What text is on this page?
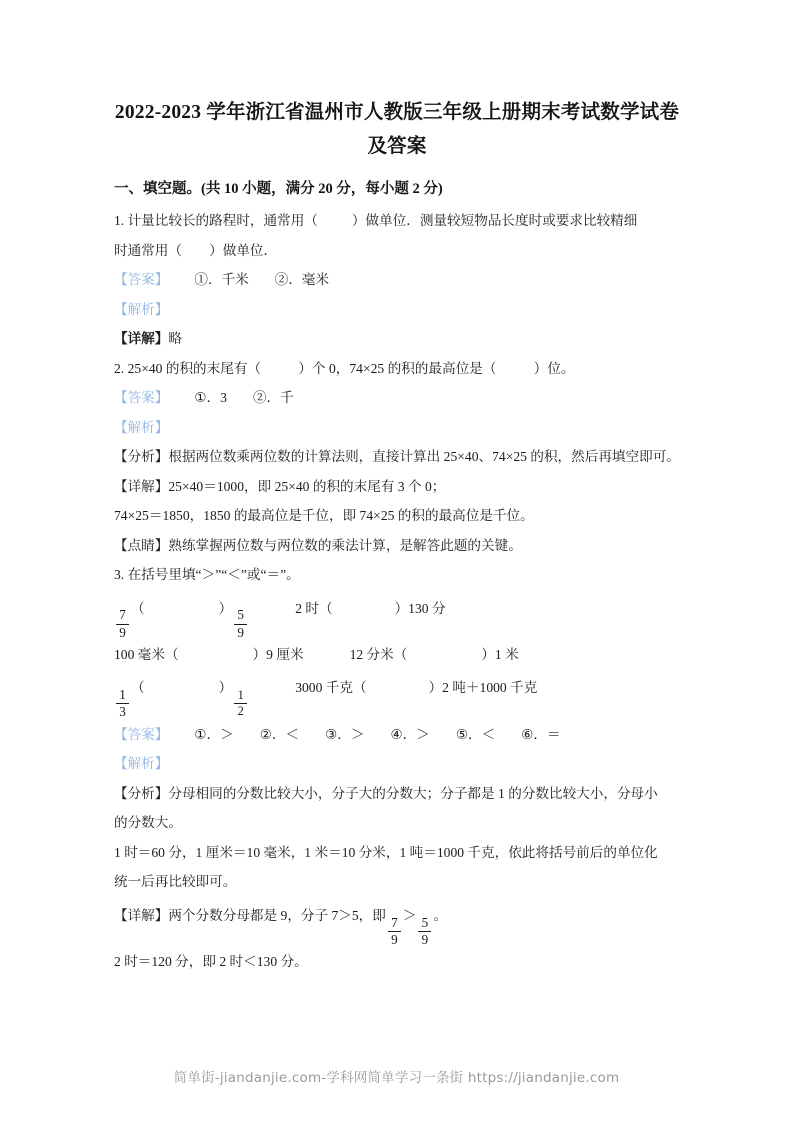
2022-2023 学年浙江省温州市人教版三年级上册期末考试数学试卷及答案
一、填空题。(共 10 小题，满分 20 分，每小题 2 分)
1. 计量比较长的路程时，通常用（          ）做单位．测量较短物品长度时或要求比较精细
时通常用（        ）做单位．
【答案】 ①．千米 ②．毫米
【解析】
【详解】略
2. 25×40 的积的末尾有（           ）个 0，74×25 的积的最高位是（           ）位。
【答案】 ①．3 ②．千
【解析】
【分析】根据两位数乘两位数的计算法则，直接计算出 25×40、74×25 的积，然后再填空即可。
【详解】25×40＝1000，即 25×40 的积的末尾有 3 个 0；
74×25＝1850，1850 的最高位是千位，即 74×25 的积的最高位是千位。
【点睛】熟练掌握两位数与两位数的乘法计算，是解答此题的关键。
3. 在括号里填“＞”“＜”或“＝”。
$\frac{7}{9}$
（	）
$\frac{5}{9}$
2 时（	）130 分
100 毫米（	）9 厘米	12 分米（	）1 米
$\frac{1}{3}$
（	）
$\frac{1}{2}$
3000 千克（	）2 吨＋1000 千克
【答案】 ①．＞ ②．＜ ③．＞ ④．＞ ⑤．＜ ⑥．＝
【解析】
【分析】分母相同的分数比较大小，分子大的分数大；分子都是 1 的分数比较大小，分母小
的分数大。
1 时＝60 分，1 厘米＝10 毫米，1 米＝10 分米，1 吨＝1000 千克，依此将括号前后的单位化
统一后再比较即可。
【详解】两个分数分母都是 9，分子 7＞5，即
$\frac{7}{9}$
＞
$\frac{5}{9}$
。
2 时＝120 分，即 2 时＜130 分。
简单街-jiandanjie.com-学科网简单学习一条街 https://jiandanjie.com
